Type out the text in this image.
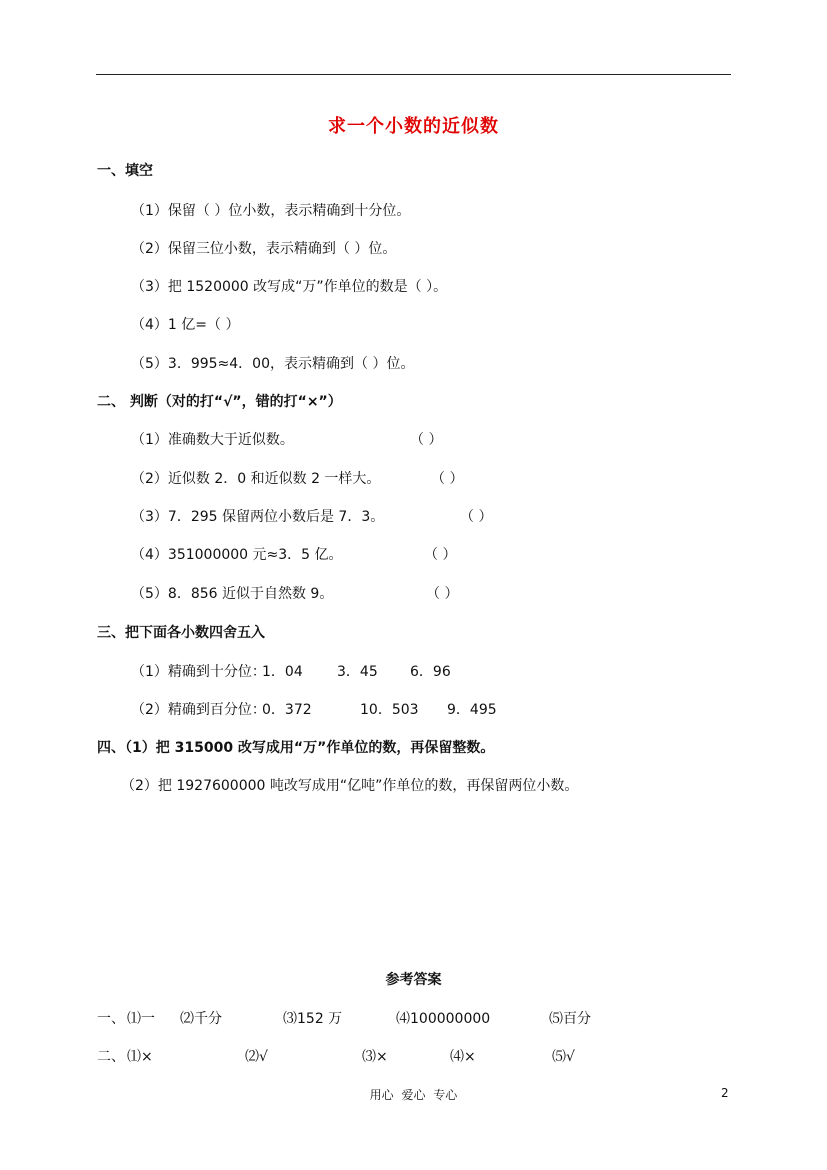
求一个小数的近似数
一、填空
（1）保留（ ）位小数，表示精确到十分位。
（2）保留三位小数，表示精确到（ ）位。
（3）把 1520000 改写成“万”作单位的数是（ ）。
（4）1 亿=（ ）
（5）3．995≈4．00，表示精确到（ ）位。
二、 判断（对的打“√”，错的打“×”）
（1）准确数大于近似数。	（ ）
（2）近似数 2．0 和近似数 2 一样大。	（ ）
（3）7．295 保留两位小数后是 7．3。	（ ）
（4）351000000 元≈3．5 亿。	（ ）
（5）8．856 近似于自然数 9。	（ ）
三、把下面各小数四舍五入
（1）精确到十分位：
1．04 3．45 6．96
（2）精确到百分位：
0．372	10．503 9．495
四、（1）把 315000 改写成用“万”作单位的数，再保留整数。
（2）把 1927600000 吨改写成用“亿吨”作单位的数，再保留两位小数。
参考答案
一、 ⑴一 ⑵千分	⑶152 万	⑷100000000	⑸百分
二、 ⑴×	⑵√	⑶×	⑷×	⑸√
用心 爱心 专心	2
